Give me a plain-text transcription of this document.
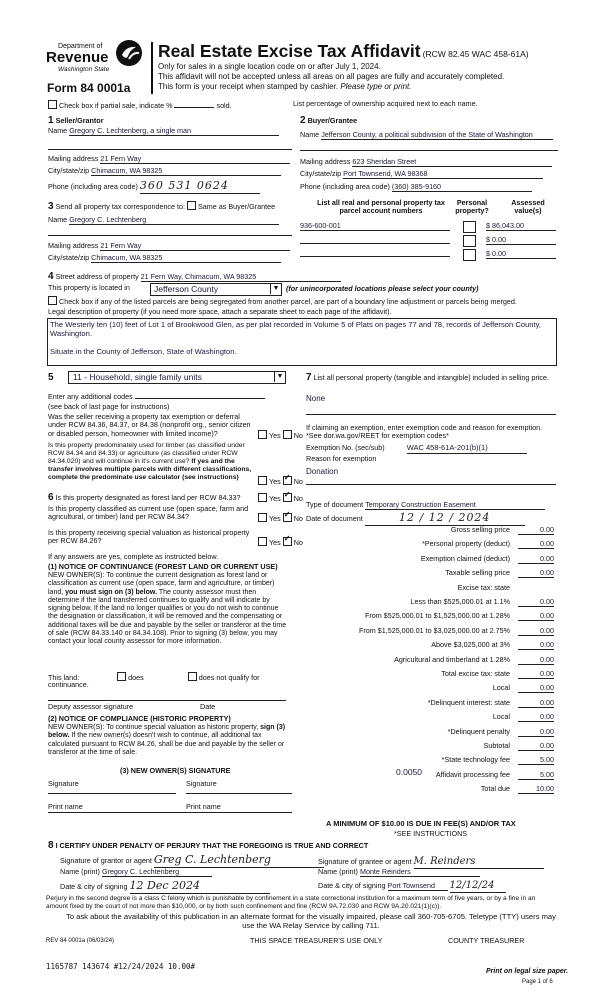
Department of
Revenue
Washington State
Form 84 0001a
Real Estate Excise Tax Affidavit (RCW 82.45 WAC 458-61A)
Only for sales in a single location code on or after July 1, 2024.
This affidavit will not be accepted unless all areas on all pages are fully and accurately completed.
This form is your receipt when stamped by cashier. Please type or print.
Check box if partial sale, indicate %	sold.	List percentage of ownership acquired next to each name.
1 Seller/Grantor
Name Gregory C. Lechtenberg, a single man
Mailing address 21 Fern Way
City/state/zip Chimacum, WA 98325
Phone (including area code) 360 531 0624
2 Buyer/Grantee
Name Jefferson County, a political subdivision of the State of Washington
Mailing address 623 Sheridan Street
City/state/zip Port Townsend, WA 98368
Phone (including area code) (360) 385-9160
3 Send all property tax correspondence to: Same as Buyer/Grantee
Name Gregory C. Lechtenberg
Mailing address 21 Fern Way
City/state/zip Chimacum, WA 98325
List all real and personal property tax parcel account numbers
Personal property?
Assessed value(s)
936-600-001	$ 86,043.00
$ 0.00
$ 0.00
4 Street address of property 21 Fern Way, Chimacum, WA 98325
This property is located in	Jefferson County	▼ (for unincorporated locations please select your county)
Check box if any of the listed parcels are being segregated from another parcel, are part of a boundary line adjustment or parcels being merged.
Legal description of property (if you need more space, attach a separate sheet to each page of the affidavit).
The Westerly ten (10) feet of Lot 1 of Brookwood Glen, as per plat recorded in Volume 5 of Plats on pages 77 and 78, records of Jefferson County, Washington.
Situate in the County of Jefferson, State of Washington.
5 11 - Household, single family units	▼
Enter any additional codes
(see back of last page for instructions)
Was the seller receiving a property tax exemption or deferral under RCW 84.36, 84.37, or 84.38 (nonprofit org., senior citizen or disabled person, homeowner with limited income)?	Yes No
Is this property predominately used for timber (as classified under RCW 84.34 and 84.33) or agriculture (as classified under RCW 84.34.020) and will continue in it's current use? If yes and the transfer involves multiple parcels with different classifications, complete the predominate use calculator (see instructions)	Yes ✓ No
6 Is this property designated as forest land per RCW 84.33?	Yes ✓ No
Is this property classified as current use (open space, farm and agricultural, or timber) land per RCW 84.34?	Yes ✓ No
Is this property receiving special valuation as historical property per RCW 84.26?	Yes ✓ No
If any answers are yes, complete as instructed below.
(1) NOTICE OF CONTINUANCE (FOREST LAND OR CURRENT USE)
NEW OWNER(S): To continue the current designation as forest land or classification as current use (open space, farm and agriculture, or timber) land, you must sign on (3) below. The county assessor must then determine if the land transferred continues to qualify and will indicate by signing below. If the land no longer qualifies or you do not wish to continue the designation or classification, it will be removed and the compensating or additional taxes will be due and payable by the seller or transferor at the time of sale (RCW 84.33.140 or 84.34.108). Prior to signing (3) below, you may contact your local county assessor for more information.
This land:	does	does not qualify for
continuance.
Deputy assessor signature	Date
(2) NOTICE OF COMPLIANCE (HISTORIC PROPERTY)
NEW OWNER(S): To continue special valuation as historic property, sign (3) below. If the new owner(s) doesn't wish to continue, all additional tax calculated pursuant to RCW 84.26, shall be due and payable by the seller or transferor at the time of sale.
(3) NEW OWNER(S) SIGNATURE
Signature	Signature
Print name	Print name
7 List all personal property (tangible and intangible) included in selling price.
None
If claiming an exemption, enter exemption code and reason for exemption. *See dor.wa.gov/REET for exemption codes*
Exemption No. (sec/sub)	WAC 458-61A-201(b)(1)
Reason for exemption
Donation
Type of document Temporary Construction Easement
Date of document	12 / 12 / 2024
Gross selling price	0.00
*Personal property (deduct)	0.00
Exemption claimed (deduct)	0.00
Taxable selling price	0.00
Excise tax: state
Less than $525,000.01 at 1.1%	0.00
From $525,000.01 to $1,525,000.00 at 1.28%	0.00
From $1,525,000.01 to $3,025,000.00 at 2.75%	0.00
Above $3,025,000 at 3%	0.00
Agricultural and timberland at 1.28%	0.00
Total excise tax: state	0.00
Local	0.00
*Delinquent interest: state	0.00
Local	0.00
*Delinquent penalty	0.00
Subtotal	0.00
*State technology fee	5.00
Affidavit processing fee	5.00
Total due	10.00
0.0050
A MINIMUM OF $10.00 IS DUE IN FEE(S) AND/OR TAX
*SEE INSTRUCTIONS
8 I CERTIFY UNDER PENALTY OF PERJURY THAT THE FOREGOING IS TRUE AND CORRECT
Signature of grantor or agent Greg C. Lechtenberg
Name (print) Gregory C. Lechtenberg
Date & city of signing 12 Dec 2024
Signature of grantee or agent M. Reinders
Name (print) Monte Reinders
Date & city of signing Port Townsend 12/12/24
Perjury in the second degree is a class C felony which is punishable by confinement in a state correctional institution for a maximum term of five years, or by a fine in an amount fixed by the court of not more than $10,000, or by both such confinement and fine (RCW 9A.72.030 and RCW 9A.20.021(1)(c)).
To ask about the availability of this publication in an alternate format for the visually impaired, please call 360-705-6705. Teletype (TTY) users may use the WA Relay Service by calling 711.
REV 84 0001a (06/03/24)	THIS SPACE TREASURER'S USE ONLY	COUNTY TREASURER
1165787 143674 #12/24/2024 10.00#
Print on legal size paper.
Page 1 of 6
